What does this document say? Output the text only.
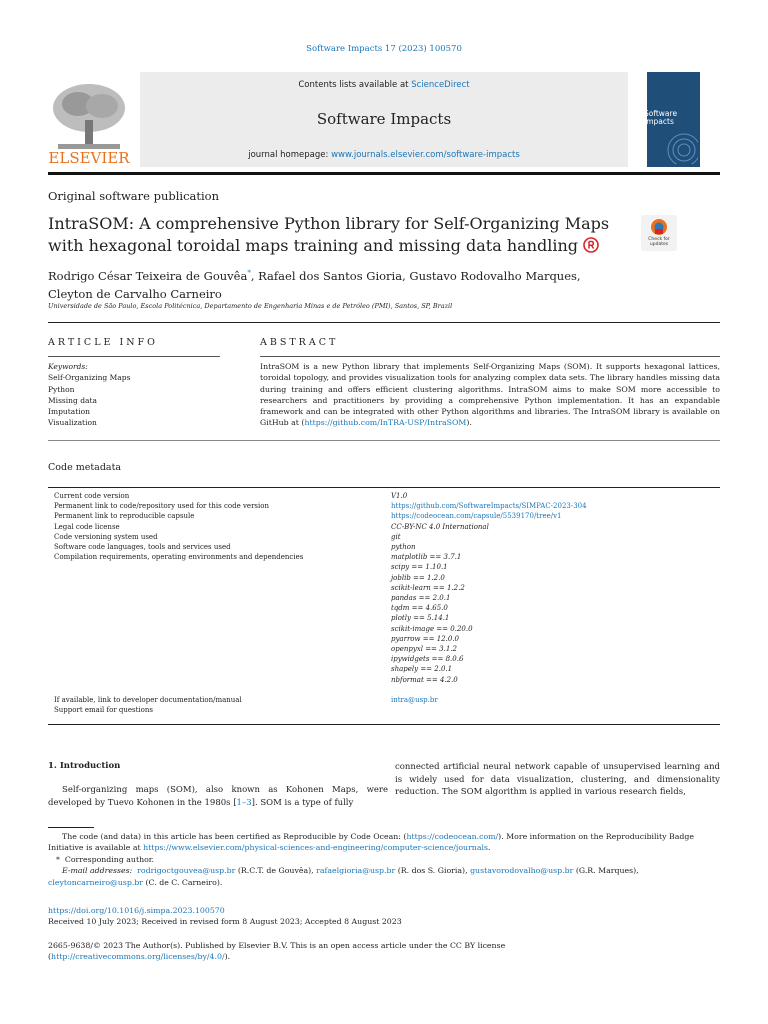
Software Impacts 17 (2023) 100570
ELSEVIER
Contents lists available at ScienceDirect
Software Impacts
journal homepage: www.journals.elsevier.com/software-impacts
Software Impacts
Original software publication
IntraSOM: A comprehensive Python library for Self-Organizing Maps with hexagonal toroidal maps training and missing data handling	Check for updates
Rodrigo César Teixeira de Gouvêa*, Rafael dos Santos Gioria, Gustavo Rodovalho Marques,
Cleyton de Carvalho Carneiro
Universidade de São Paulo, Escola Politécnica, Departamento de Engenharia Minas e de Petróleo (PMI), Santos, SP, Brazil
ARTICLE INFO	ABSTRACT
Keywords:
Self-Organizing Maps
Python
Missing data
Imputation
Visualization
IntraSOM is a new Python library that implements Self-Organizing Maps (SOM). It supports hexagonal lattices, toroidal topology, and provides visualization tools for analyzing complex data sets. The library handles missing data during training and offers efficient clustering algorithms. IntraSOM aims to make SOM more accessible to researchers and practitioners by providing a comprehensive Python implementation. It has an expandable framework and can be integrated with other Python algorithms and libraries. The IntraSOM library is available on GitHub at (https://github.com/InTRA-USP/IntraSOM).
Code metadata
Current code version
Permanent link to code/repository used for this code version
Permanent link to reproducible capsule
Legal code license
Code versioning system used
Software code languages, tools and services used
Compilation requirements, operating environments and dependencies
If available, link to developer documentation/manual
Support email for questions
V1.0
https://github.com/SoftwareImpacts/SIMPAC-2023-304
https://codeocean.com/capsule/5539170/tree/v1
CC-BY-NC 4.0 International
git
python
matplotlib == 3.7.1
scipy == 1.10.1
joblib == 1.2.0
scikit-learn == 1.2.2
pandas == 2.0.1
tqdm == 4.65.0
plotly == 5.14.1
scikit-image == 0.20.0
pyarrow == 12.0.0
openpyxl == 3.1.2
ipywidgets == 8.0.6
shapely == 2.0.1
nbformat == 4.2.0
intra@usp.br
1. Introduction
Self-organizing maps (SOM), also known as Kohonen Maps, were developed by Tuevo Kohonen in the 1980s [1–3]. SOM is a type of fully
connected artificial neural network capable of unsupervised learning and is widely used for data visualization, clustering, and dimensionality reduction. The SOM algorithm is applied in various research fields,

The code (and data) in this article has been certified as Reproducible by Code Ocean: (https://codeocean.com/). More information on the Reproducibility Badge Initiative is available at https://www.elsevier.com/physical-sciences-and-engineering/computer-science/journals.

* Corresponding author.

E-mail addresses: rodrigoctgouvea@usp.br (R.C.T. de Gouvêa), rafaelgioria@usp.br (R. dos S. Gioria), gustavorodovalho@usp.br (G.R. Marques), cleytoncarneiro@usp.br (C. de C. Carneiro).

https://doi.org/10.1016/j.simpa.2023.100570
Received 10 July 2023; Received in revised form 8 August 2023; Accepted 8 August 2023
2665-9638/© 2023 The Author(s). Published by Elsevier B.V. This is an open access article under the CC BY license
(http://creativecommons.org/licenses/by/4.0/).
